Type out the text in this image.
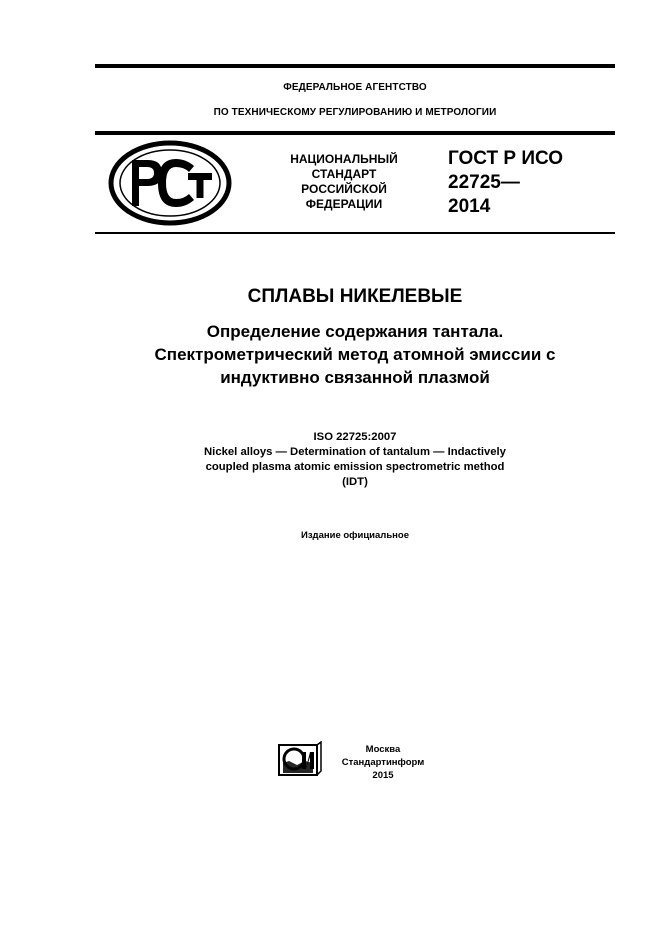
ФЕДЕРАЛЬНОЕ АГЕНТСТВО
ПО ТЕХНИЧЕСКОМУ РЕГУЛИРОВАНИЮ И МЕТРОЛОГИИ
НАЦИОНАЛЬНЫЙ
СТАНДАРТ
РОССИЙСКОЙ
ФЕДЕРАЦИИ
ГОСТ Р ИСО
22725—
2014
СПЛАВЫ НИКЕЛЕВЫЕ
Определение содержания тантала.
Спектрометрический метод атомной эмиссии с
индуктивно связанной плазмой
ISO 22725:2007
Nickel alloys — Determination of tantalum — Indactively
coupled plasma atomic emission spectrometric method
(IDT)
Издание официальное
Москва
Стандартинформ
2015
